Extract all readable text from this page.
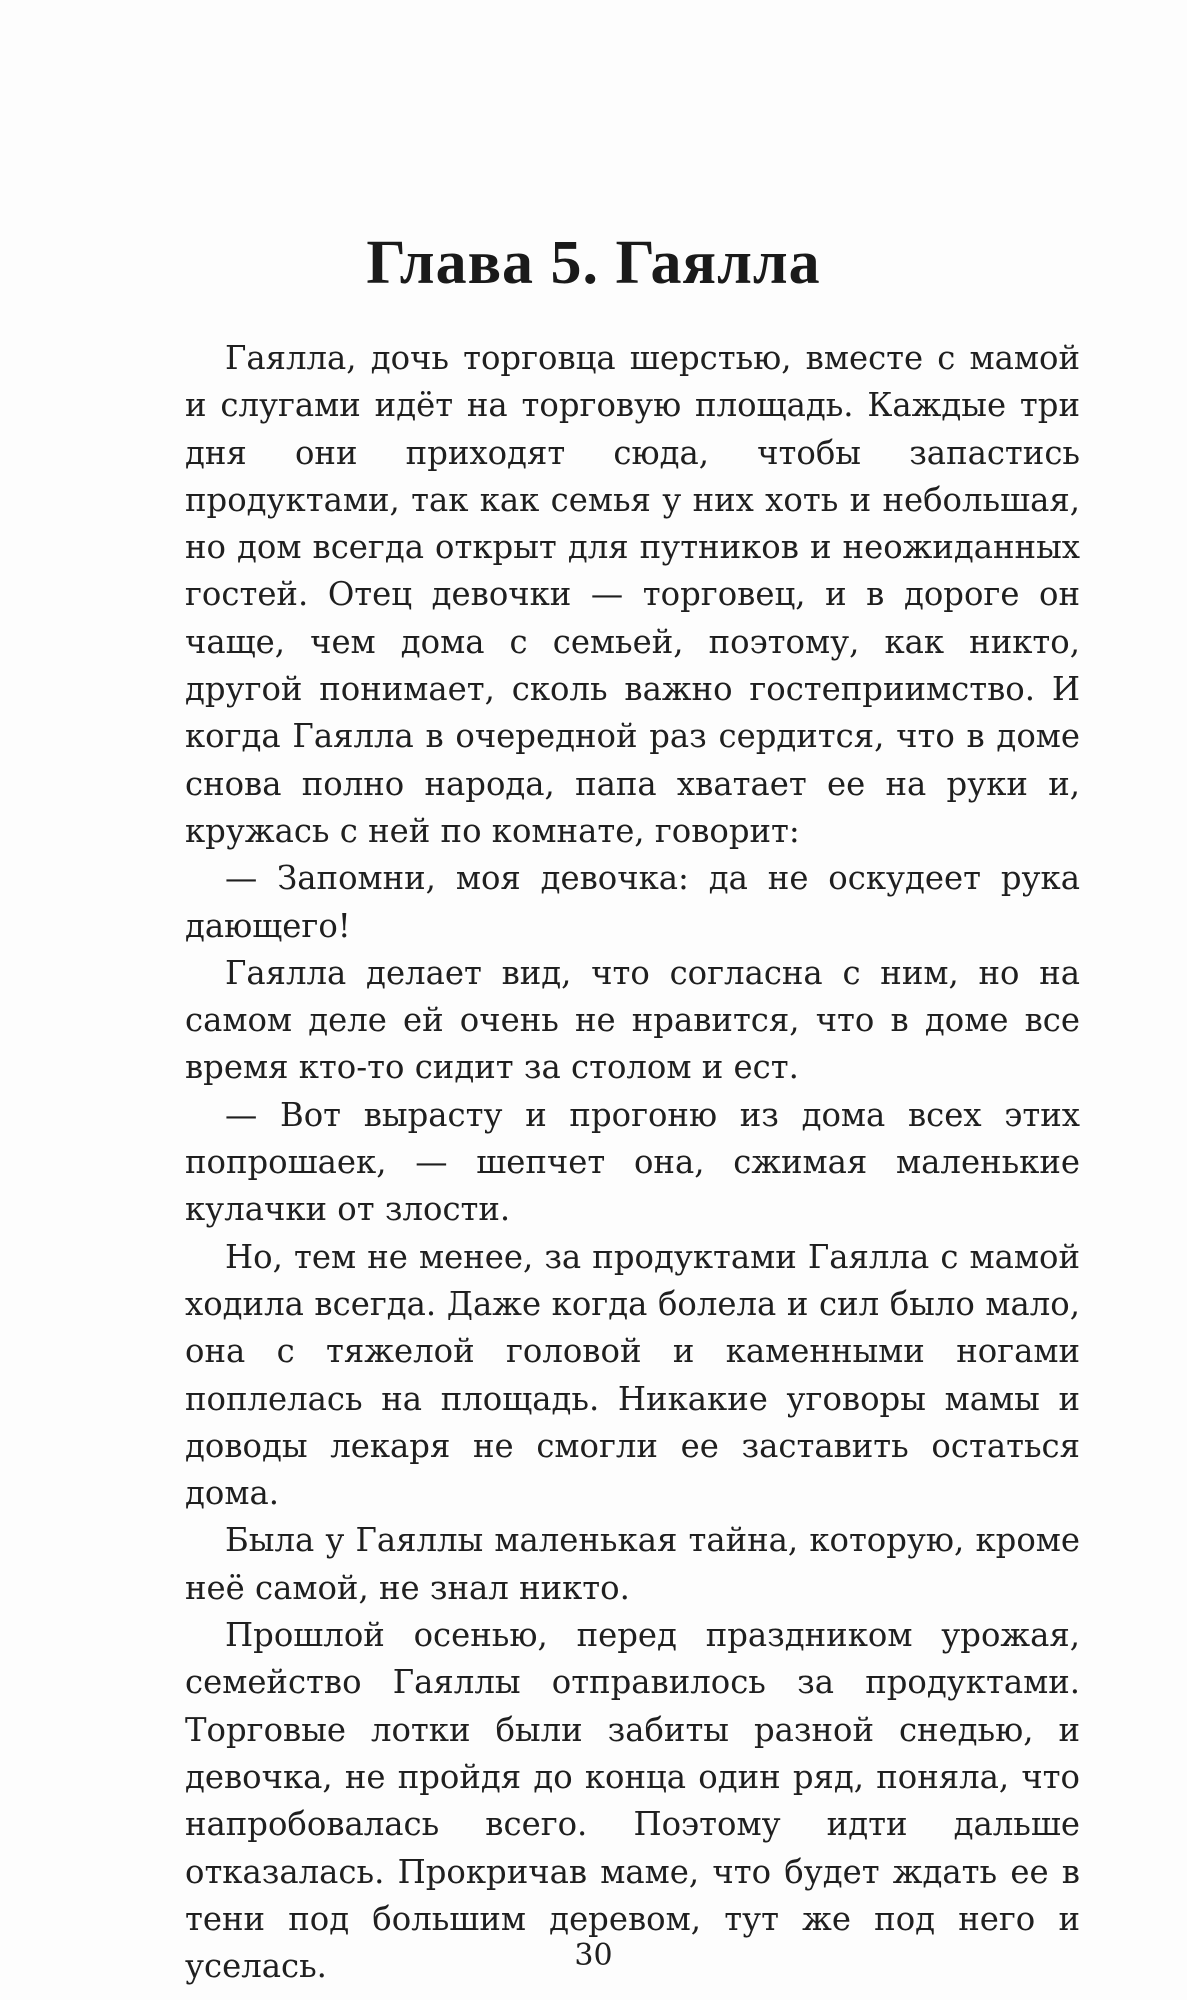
Глава 5. Гаялла

Гаялла, дочь торговца шерстью, вместе с мамой и слугами идёт на торговую площадь. Каждые три дня они приходят сюда, чтобы запастись продуктами, так как семья у них хоть и небольшая, но дом всегда открыт для путников и неожиданных гостей. Отец девочки — торговец, и в дороге он чаще, чем дома с семьей, поэтому, как никто, другой понимает, сколь важно гостеприимство. И когда Гаялла в очередной раз сердится, что в доме снова полно народа, папа хватает ее на руки и, кружась с ней по комнате, говорит:

— Запомни, моя девочка: да не оскудеет рука дающего!

Гаялла делает вид, что согласна с ним, но на самом деле ей очень не нравится, что в доме все время кто-то сидит за столом и ест.

— Вот вырасту и прогоню из дома всех этих попрошаек, — шепчет она, сжимая маленькие кулачки от злости.

Но, тем не менее, за продуктами Гаялла с мамой ходила всегда. Даже когда болела и сил было мало, она с тяжелой головой и каменными ногами поплелась на площадь. Никакие уговоры мамы и доводы лекаря не смогли ее заставить остаться дома.

Была у Гаяллы маленькая тайна, которую, кроме неё самой, не знал никто.

Прошлой осенью, перед праздником урожая, семейство Гаяллы отправилось за продуктами. Торговые лотки были забиты разной снедью, и девочка, не пройдя до конца один ряд, поняла, что напробовалась всего. Поэтому идти дальше отказалась. Прокричав маме, что будет ждать ее в тени под большим деревом, тут же под него и уселась.	30
